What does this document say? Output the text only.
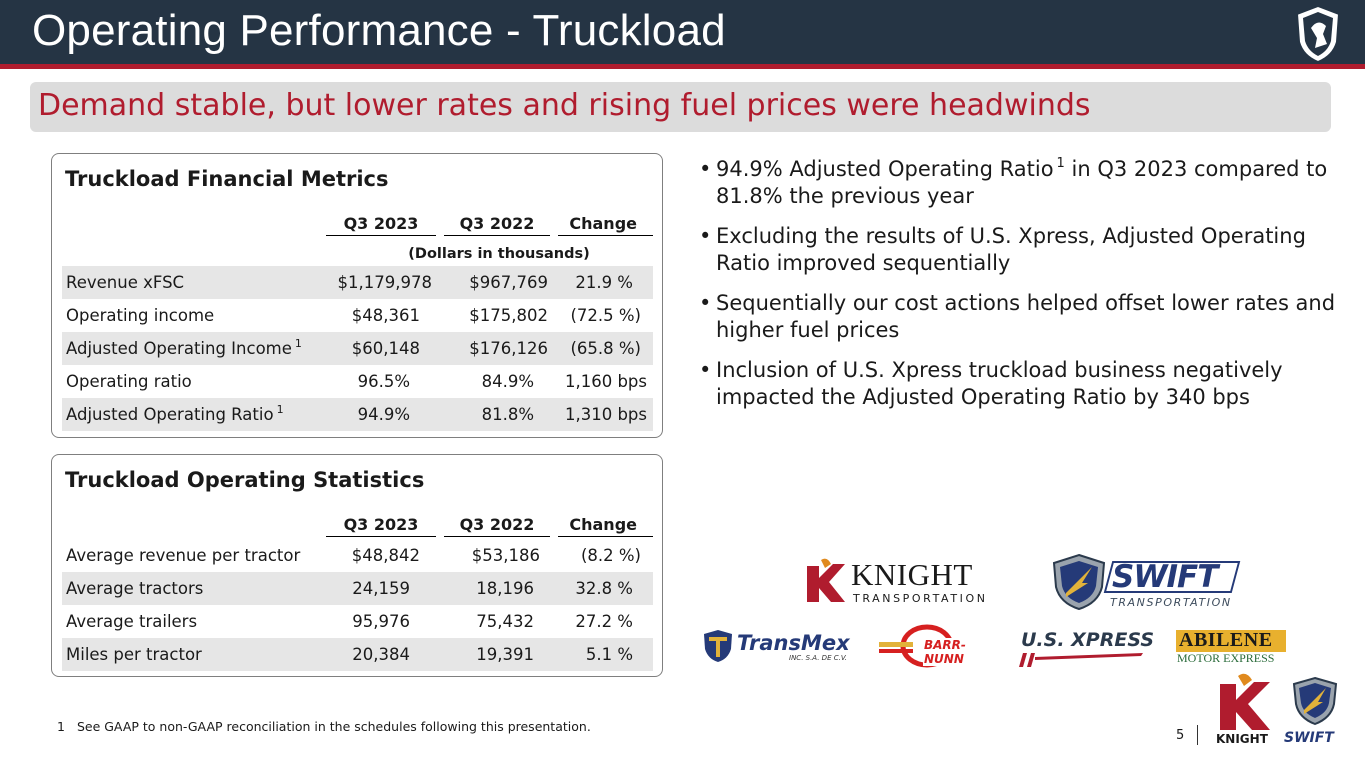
Operating Performance - Truckload
Demand stable, but lower rates and rising fuel prices were headwinds
Truckload Financial Metrics
Q3 2023	Q3 2022	Change
(Dollars in thousands)
Revenue xFSC	$1,179,978	$967,769	21.9 %
Operating income	$48,361	$175,802	(72.5 %)
Adjusted Operating Income $^1$	$60,148	$176,126	(65.8 %)
Operating ratio	96.5%	84.9%	1,160 bps
Adjusted Operating Ratio $^1$	94.9%	81.8%	1,310 bps
Truckload Operating Statistics
Q3 2023	Q3 2022	Change
Average revenue per tractor	$48,842	$53,186	(8.2 %)
Average tractors	24,159	18,196	32.8 %
Average trailers	95,976	75,432	27.2 %
Miles per tractor	20,384	19,391	5.1 %
• 94.9% Adjusted Operating Ratio $^1$ in Q3 2023 compared to 81.8% the previous year
• Excluding the results of U.S. Xpress, Adjusted Operating Ratio improved sequentially
• Sequentially our cost actions helped offset lower rates and higher fuel prices
• Inclusion of U.S. Xpress truckload business negatively impacted the Adjusted Operating Ratio by 340 bps
KNIGHT
TRANSPORTATION
SWIFT
TRANSPORTATION
TransMex
INC. S.A. DE C.V.
BARR-NUNN
U.S. XPRESS ABILENE
MOTOR EXPRESS
KNIGHT SWIFT
1 See GAAP to non-GAAP reconciliation in the schedules following this presentation.
5
